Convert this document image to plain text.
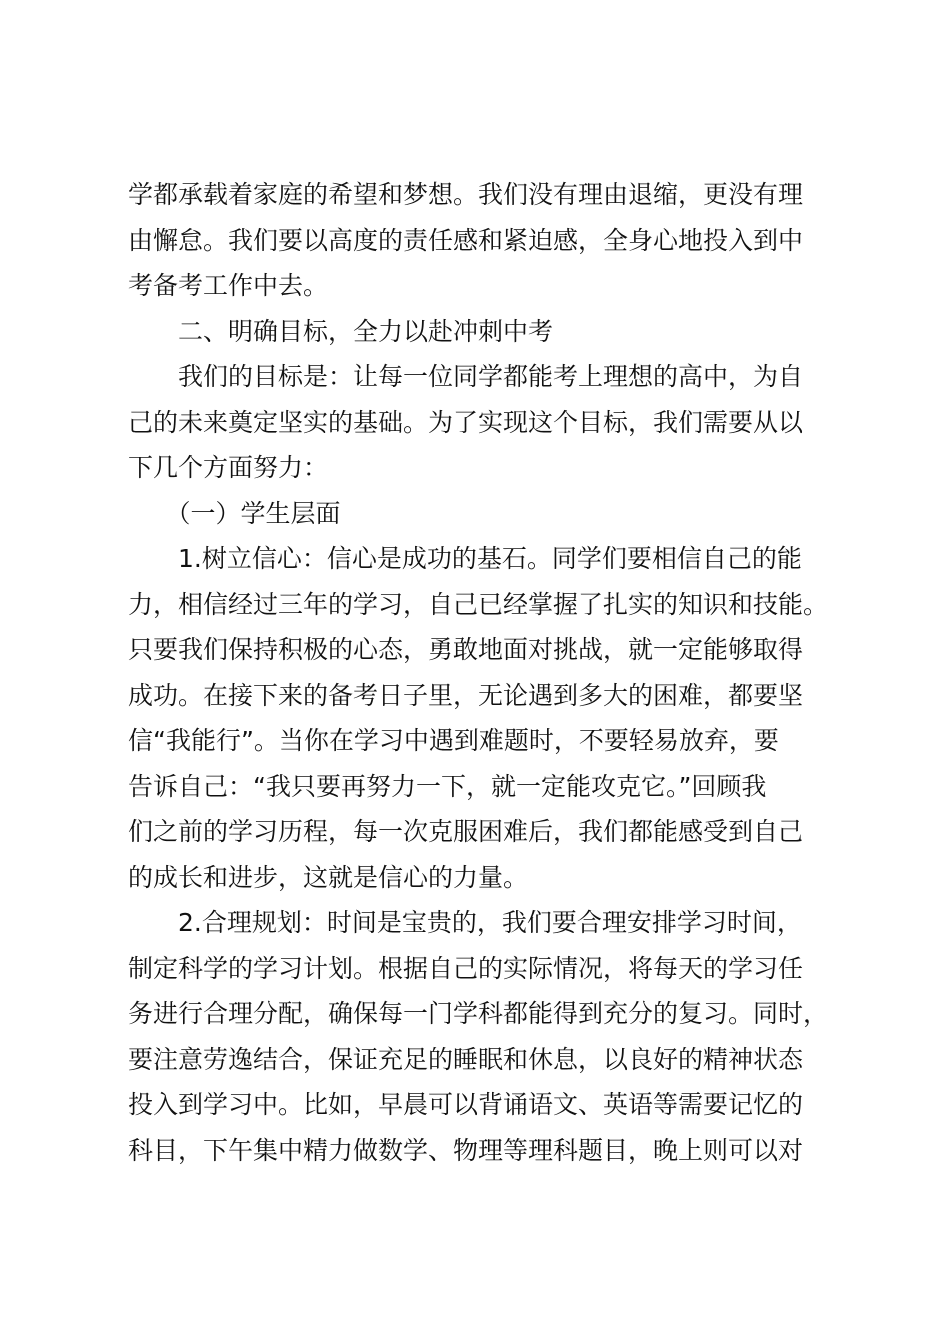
学都承载着家庭的希望和梦想。我们没有理由退缩，更没有理

由懈怠。我们要以高度的责任感和紧迫感，全身心地投入到中

考备考工作中去。

　　二、明确目标，全力以赴冲刺中考

　　我们的目标是：让每一位同学都能考上理想的高中，为自

己的未来奠定坚实的基础。为了实现这个目标，我们需要从以

下几个方面努力：

　　（一）学生层面

　　1.树立信心：信心是成功的基石。同学们要相信自己的能

力，相信经过三年的学习，自己已经掌握了扎实的知识和技能。

只要我们保持积极的心态，勇敢地面对挑战，就一定能够取得

成功。在接下来的备考日子里，无论遇到多大的困难，都要坚

信“我能行”。当你在学习中遇到难题时，不要轻易放弃，要

告诉自己：“我只要再努力一下，就一定能攻克它。”回顾我

们之前的学习历程，每一次克服困难后，我们都能感受到自己

的成长和进步，这就是信心的力量。

　　2.合理规划：时间是宝贵的，我们要合理安排学习时间，

制定科学的学习计划。根据自己的实际情况，将每天的学习任

务进行合理分配，确保每一门学科都能得到充分的复习。同时，

要注意劳逸结合，保证充足的睡眠和休息，以良好的精神状态

投入到学习中。比如，早晨可以背诵语文、英语等需要记忆的

科目，下午集中精力做数学、物理等理科题目，晚上则可以对
